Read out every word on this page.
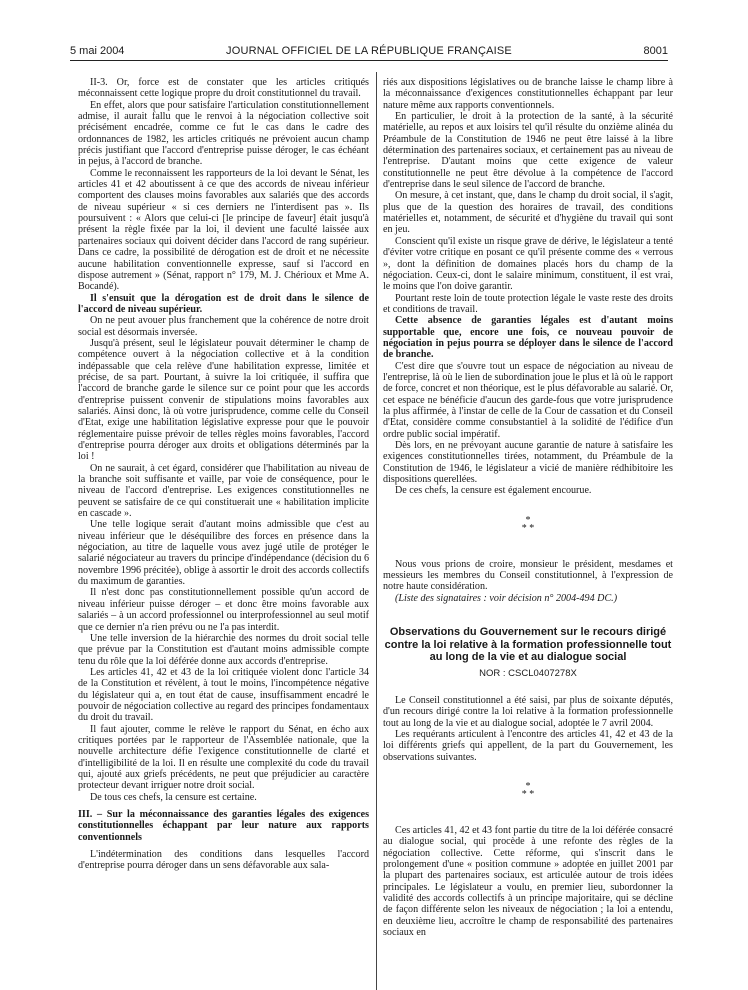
5 mai 2004	JOURNAL OFFICIEL DE LA RÉPUBLIQUE FRANÇAISE	8001

II-3. Or, force est de constater que les articles critiqués méconnaissent cette logique propre du droit constitutionnel du travail.

En effet, alors que pour satisfaire l'articulation constitutionnellement admise, il aurait fallu que le renvoi à la négociation collective soit précisément encadrée, comme ce fut le cas dans le cadre des ordonnances de 1982, les articles critiqués ne prévoient aucun champ précis justifiant que l'accord d'entreprise puisse déroger, le cas échéant in pejus, à l'accord de branche.

Comme le reconnaissent les rapporteurs de la loi devant le Sénat, les articles 41 et 42 aboutissent à ce que des accords de niveau inférieur comportent des clauses moins favorables aux salariés que des accords de niveau supérieur « si ces derniers ne l'interdisent pas ». Ils poursuivent : « Alors que celui-ci [le principe de faveur] était jusqu'à présent la règle fixée par la loi, il devient une faculté laissée aux partenaires sociaux qui doivent décider dans l'accord de rang supérieur. Dans ce cadre, la possibilité de dérogation est de droit et ne nécessite aucune habilitation conventionnelle expresse, sauf si l'accord en dispose autrement » (Sénat, rapport n° 179, M. J. Chérioux et Mme A. Bocandé).

Il s'ensuit que la dérogation est de droit dans le silence de l'accord de niveau supérieur.

On ne peut avouer plus franchement que la cohérence de notre droit social est désormais inversée.

Jusqu'à présent, seul le législateur pouvait déterminer le champ de compétence ouvert à la négociation collective et à la condition indépassable que cela relève d'une habilitation expresse, limitée et précise, de sa part. Pourtant, à suivre la loi critiquée, il suffira que l'accord de branche garde le silence sur ce point pour que les accords d'entreprise puissent convenir de stipulations moins favorables aux salariés. Ainsi donc, là où votre jurisprudence, comme celle du Conseil d'Etat, exige une habilitation législative expresse pour que le pouvoir réglementaire puisse prévoir de telles règles moins favorables, l'accord d'entreprise pourra déroger aux droits et obligations déterminés par la loi !

On ne saurait, à cet égard, considérer que l'habilitation au niveau de la branche soit suffisante et vaille, par voie de conséquence, pour le niveau de l'accord d'entreprise. Les exigences constitutionnelles ne peuvent se satisfaire de ce qui constituerait une « habilitation implicite en cascade ».

Une telle logique serait d'autant moins admissible que c'est au niveau inférieur que le déséquilibre des forces en présence dans la négociation, au titre de laquelle vous avez jugé utile de protéger le salarié négociateur au travers du principe d'indépendance (décision du 6 novembre 1996 précitée), oblige à assortir le droit des accords collectifs du maximum de garanties.

Il n'est donc pas constitutionnellement possible qu'un accord de niveau inférieur puisse déroger – et donc être moins favorable aux salariés – à un accord professionnel ou interprofessionnel au seul motif que ce dernier n'a rien prévu ou ne l'a pas interdit.

Une telle inversion de la hiérarchie des normes du droit social telle que prévue par la Constitution est d'autant moins admissible compte tenu du rôle que la loi déférée donne aux accords d'entreprise.

Les articles 41, 42 et 43 de la loi critiquée violent donc l'article 34 de la Constitution et révèlent, à tout le moins, l'incompétence négative du législateur qui a, en tout état de cause, insuffisamment encadré le pouvoir de négociation collective au regard des principes fondamentaux du droit du travail.

Il faut ajouter, comme le relève le rapport du Sénat, en écho aux critiques portées par le rapporteur de l'Assemblée nationale, que la nouvelle architecture défie l'exigence constitutionnelle de clarté et d'intelligibilité de la loi. Il en résulte une complexité du code du travail qui, ajouté aux griefs précédents, ne peut que préjudicier au caractère protecteur devant irriguer notre droit social.

De tous ces chefs, la censure est certaine.

III. – Sur la méconnaissance des garanties légales des exigences constitutionnelles échappant par leur nature aux rapports conventionnels

L'indétermination des conditions dans lesquelles l'accord d'entreprise pourra déroger dans un sens défavorable aux sala-

riés aux dispositions législatives ou de branche laisse le champ libre à la méconnaissance d'exigences constitutionnelles échappant par leur nature même aux rapports conventionnels.

En particulier, le droit à la protection de la santé, à la sécurité matérielle, au repos et aux loisirs tel qu'il résulte du onzième alinéa du Préambule de la Constitution de 1946 ne peut être laissé à la libre détermination des partenaires sociaux, et certainement pas au niveau de l'entreprise. D'autant moins que cette exigence de valeur constitutionnelle ne peut être dévolue à la compétence de l'accord d'entreprise dans le seul silence de l'accord de branche.

On mesure, à cet instant, que, dans le champ du droit social, il s'agit, plus que de la question des horaires de travail, des conditions matérielles et, notamment, de sécurité et d'hygiène du travail qui sont en jeu.

Conscient qu'il existe un risque grave de dérive, le législateur a tenté d'éviter votre critique en posant ce qu'il présente comme des « verrous », dont la définition de domaines placés hors du champ de la négociation. Ceux-ci, dont le salaire minimum, constituent, il est vrai, le moins que l'on doive garantir.

Pourtant reste loin de toute protection légale le vaste reste des droits et conditions de travail.

Cette absence de garanties légales est d'autant moins supportable que, encore une fois, ce nouveau pouvoir de négociation in pejus pourra se déployer dans le silence de l'accord de branche.

C'est dire que s'ouvre tout un espace de négociation au niveau de l'entreprise, là où le lien de subordination joue le plus et là où le rapport de force, concret et non théorique, est le plus défavorable au salarié. Or, cet espace ne bénéficie d'aucun des garde-fous que votre jurisprudence la plus affirmée, à l'instar de celle de la Cour de cassation et du Conseil d'Etat, considère comme consubstantiel à la solidité de l'édifice d'un ordre public social impératif.

Dès lors, en ne prévoyant aucune garantie de nature à satisfaire les exigences constitutionnelles tirées, notamment, du Préambule de la Constitution de 1946, le législateur a vicié de manière rédhibitoire les dispositions querellées.

De ces chefs, la censure est également encourue.

*
* *

Nous vous prions de croire, monsieur le président, mesdames et messieurs les membres du Conseil constitutionnel, à l'expression de notre haute considération.

(Liste des signataires : voir décision n° 2004-494 DC.)

Observations du Gouvernement sur le recours dirigé contre la loi relative à la formation professionnelle tout au long de la vie et au dialogue social
NOR : CSCL0407278X

Le Conseil constitutionnel a été saisi, par plus de soixante députés, d'un recours dirigé contre la loi relative à la formation professionnelle tout au long de la vie et au dialogue social, adoptée le 7 avril 2004.

Les requérants articulent à l'encontre des articles 41, 42 et 43 de la loi différents griefs qui appellent, de la part du Gouvernement, les observations suivantes.

*
* *

Ces articles 41, 42 et 43 font partie du titre de la loi déférée consacré au dialogue social, qui procède à une refonte des règles de la négociation collective. Cette réforme, qui s'inscrit dans le prolongement d'une « position commune » adoptée en juillet 2001 par la plupart des partenaires sociaux, est articulée autour de trois idées principales. Le législateur a voulu, en premier lieu, subordonner la validité des accords collectifs à un principe majoritaire, qui se décline de façon différente selon les niveaux de négociation ; la loi a entendu, en deuxième lieu, accroître le champ de responsabilité des partenaires sociaux en
